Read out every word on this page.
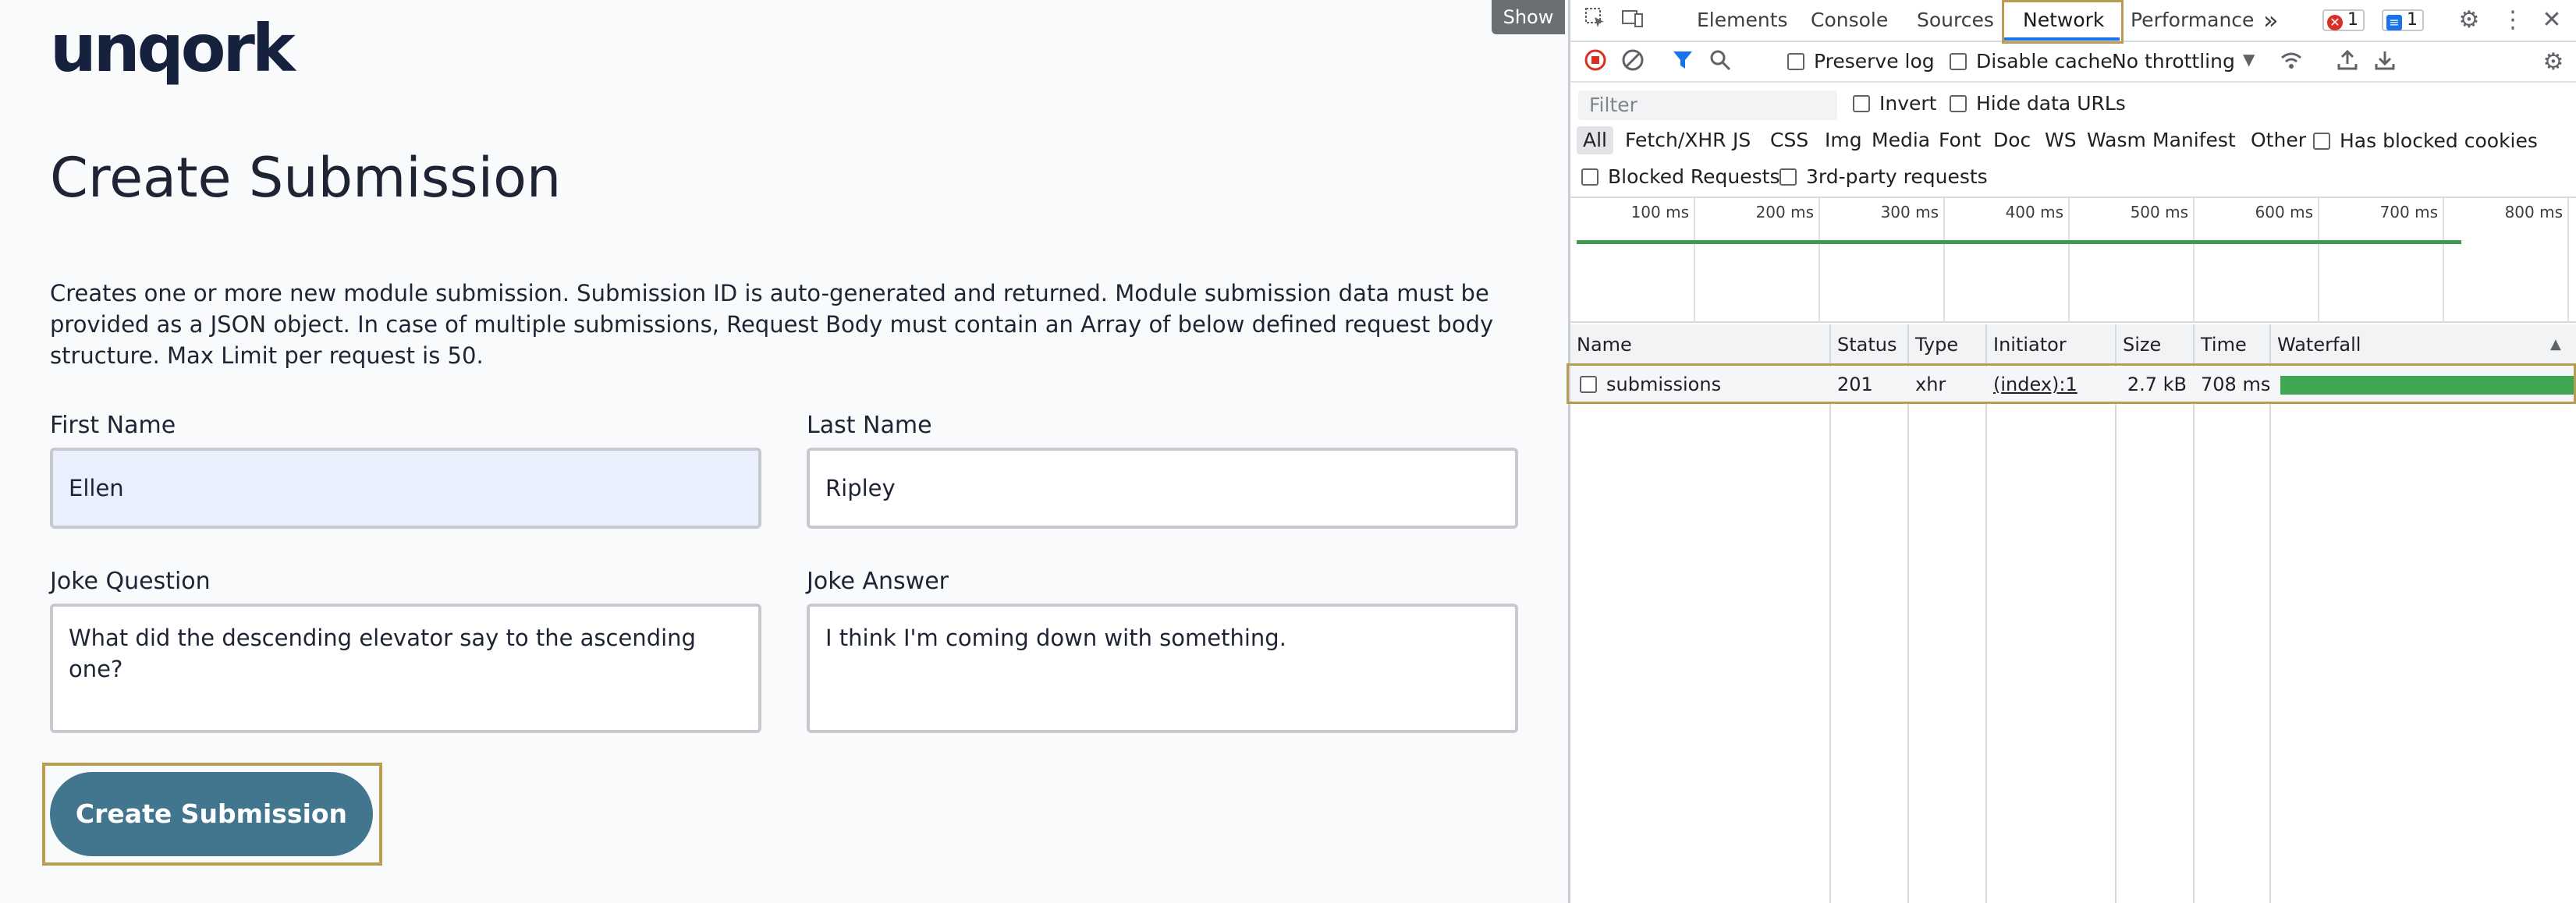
unqork
Create Submission

Creates one or more new module submission. Submission ID is auto-generated and returned. Module submission data must be provided as a JSON object. In case of multiple submissions, Request Body must contain an Array of below defined request body structure. Max Limit per request is 50.

First Name
Ellen
Last Name
Ripley
Joke Question
What did the descending elevator say to the ascending one?
Joke Answer
I think I'm coming down with something.
Create Submission
Show	Elements Console Sources Network Performance »	✕ 1	≡ 1 ⚙ ⋮ ✕
Preserve log Disable cache No throttling ▼	⚙
Filter	Invert Hide data URLs
All Fetch/XHR JS CSS Img Media Font Doc WS Wasm Manifest Other Has blocked cookies
Blocked Requests 3rd-party requests
100 ms	200 ms	300 ms	400 ms	500 ms	600 ms	700 ms	800 ms
Name	Status Type	Initiator	Size	Time	Waterfall	▲
submissions	201	xhr	(index):1	2.7 kB 708 ms
